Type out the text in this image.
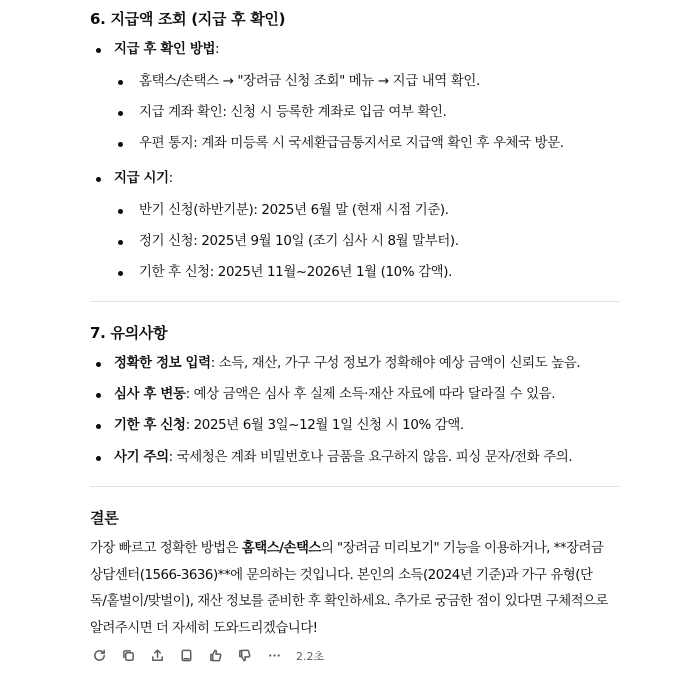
6. 지급액 조회 (지급 후 확인)
지급 후 확인 방법:
홈택스/손택스 → "장려금 신청 조회" 메뉴 → 지급 내역 확인.
지급 계좌 확인: 신청 시 등록한 계좌로 입금 여부 확인.
우편 통지: 계좌 미등록 시 국세환급금통지서로 지급액 확인 후 우체국 방문.
지급 시기:
반기 신청(하반기분): 2025년 6월 말 (현재 시점 기준).
정기 신청: 2025년 9월 10일 (조기 심사 시 8월 말부터).
기한 후 신청: 2025년 11월~2026년 1월 (10% 감액).
7. 유의사항
정확한 정보 입력: 소득, 재산, 가구 구성 정보가 정확해야 예상 금액이 신뢰도 높음.
심사 후 변동: 예상 금액은 심사 후 실제 소득·재산 자료에 따라 달라질 수 있음.
기한 후 신청: 2025년 6월 3일~12월 1일 신청 시 10% 감액.
사기 주의: 국세청은 계좌 비밀번호나 금품을 요구하지 않음. 피싱 문자/전화 주의.
결론
가장 빠르고 정확한 방법은 홈택스/손택스의 "장려금 미리보기" 기능을 이용하거나, **장려금
상담센터(1566-3636)**에 문의하는 것입니다. 본인의 소득(2024년 기준)과 가구 유형(단
독/홑벌이/맞벌이), 재산 정보를 준비한 후 확인하세요. 추가로 궁금한 점이 있다면 구체적으로
알려주시면 더 자세히 도와드리겠습니다!
2.2초
